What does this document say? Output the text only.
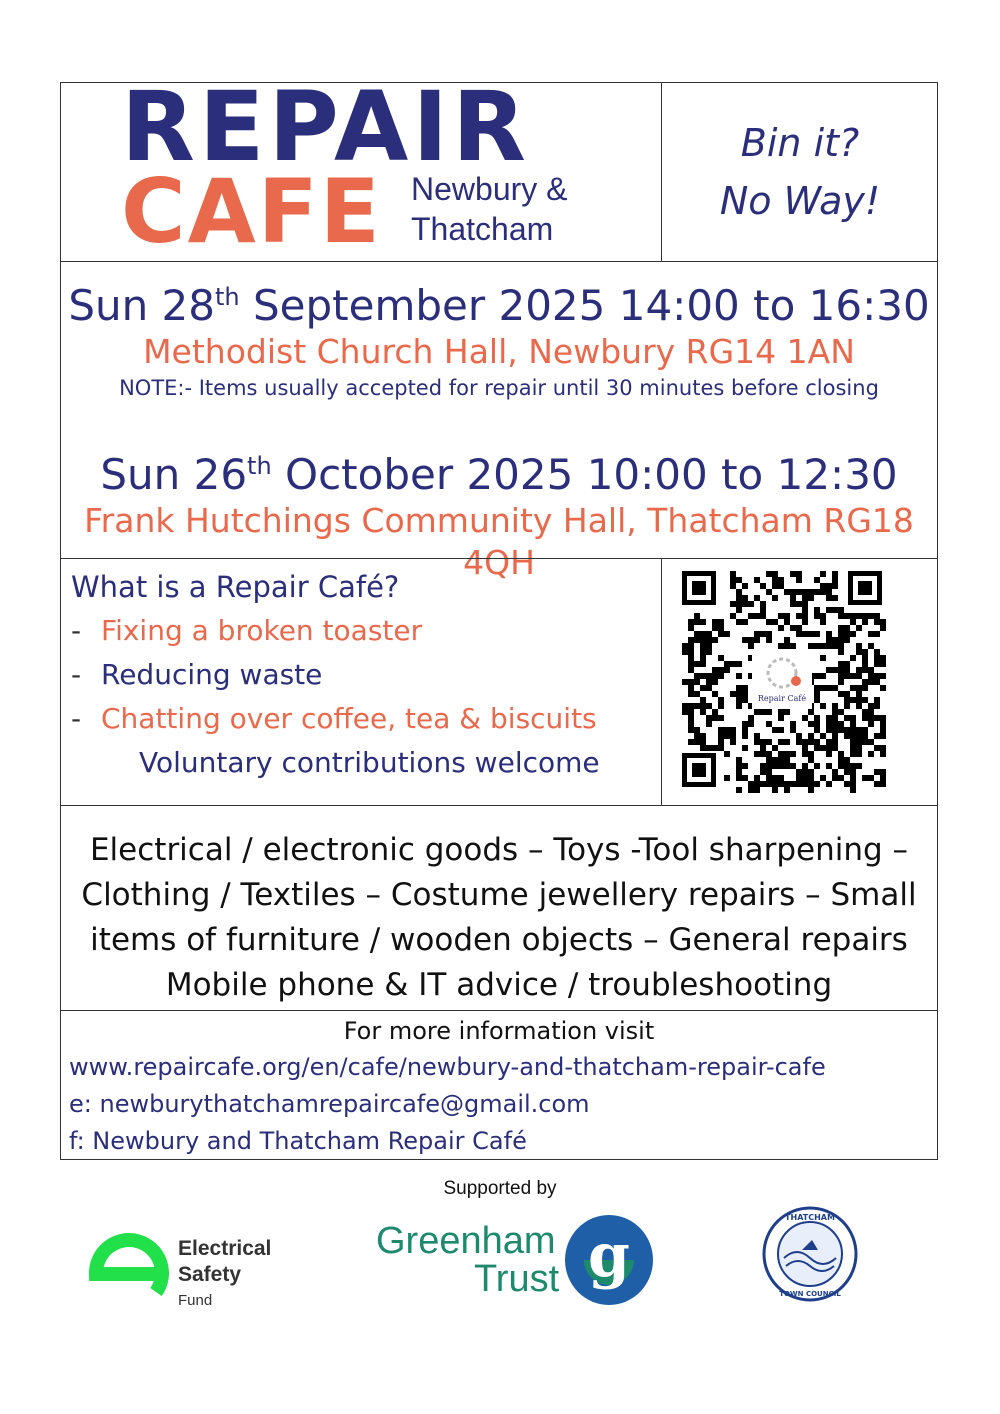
REPAIR
CAFE Newbury &
Thatcham
Bin it?
No Way!

Sun 28th September 2025 14:00 to 16:30

Methodist Church Hall, Newbury RG14 1AN

NOTE:- Items usually accepted for repair until 30 minutes before closing

Sun 26th October 2025 10:00 to 12:30

Frank Hutchings Community Hall, Thatcham RG18 4QH

What is a Repair Café?
- Fixing a broken toaster
- Reducing waste
- Chatting over coffee, tea & biscuits
Voluntary contributions welcome
Repair Café

Electrical / electronic goods – Toys -Tool sharpening –

Clothing / Textiles – Costume jewellery repairs – Small

items of furniture / wooden objects – General repairs

Mobile phone & IT advice / troubleshooting

For more information visit
www.repaircafe.org/en/cafe/newbury-and-thatcham-repair-cafe
e: newburythatchamrepaircafe@gmail.com
f: Newbury and Thatcham Repair Café
Supported by
Electrical
Safety
Fund
Greenham
Trust g
THATCHAM
TOWN COUNCIL
